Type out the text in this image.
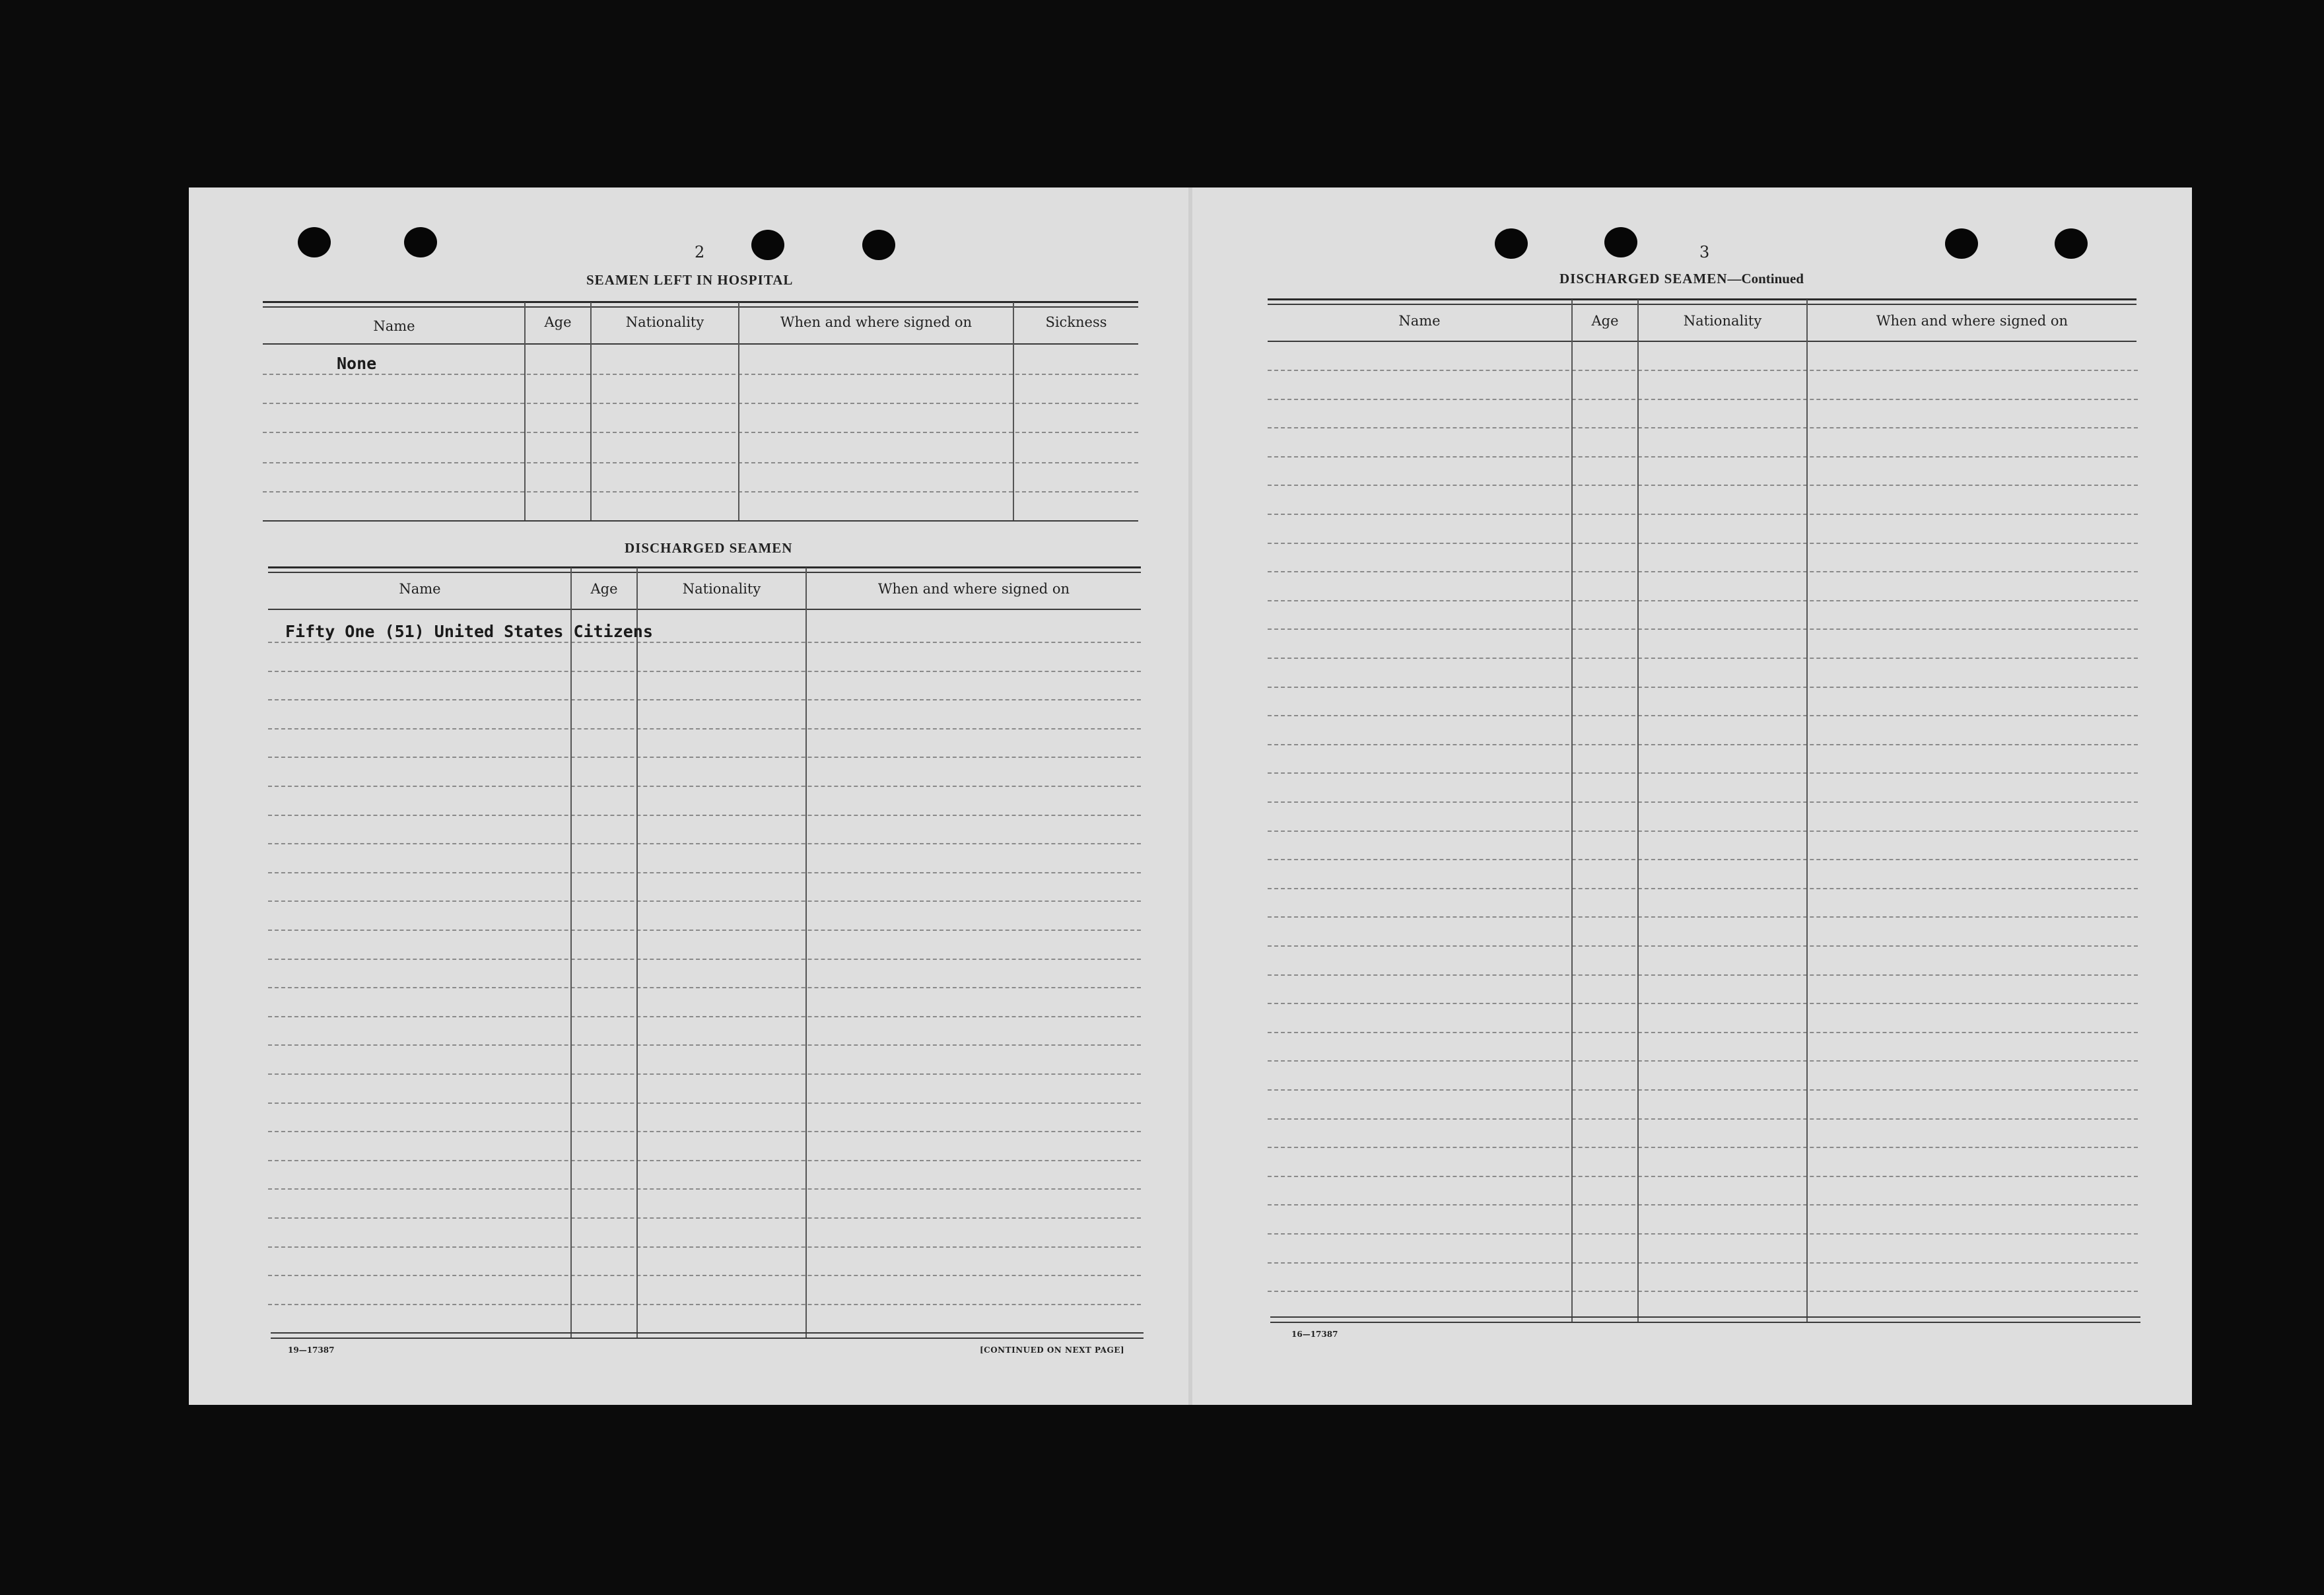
2
SEAMEN LEFT IN HOSPITAL
Name	Age	Nationality	When and where signed on	Sickness
None
DISCHARGED SEAMEN
Name	Age	Nationality	When and where signed on
Fifty One (51) United States Citizens
19—17387	[CONTINUED ON NEXT PAGE]
3
DISCHARGED SEAMEN—Continued
Name	Age	Nationality	When and where signed on
16—17387
